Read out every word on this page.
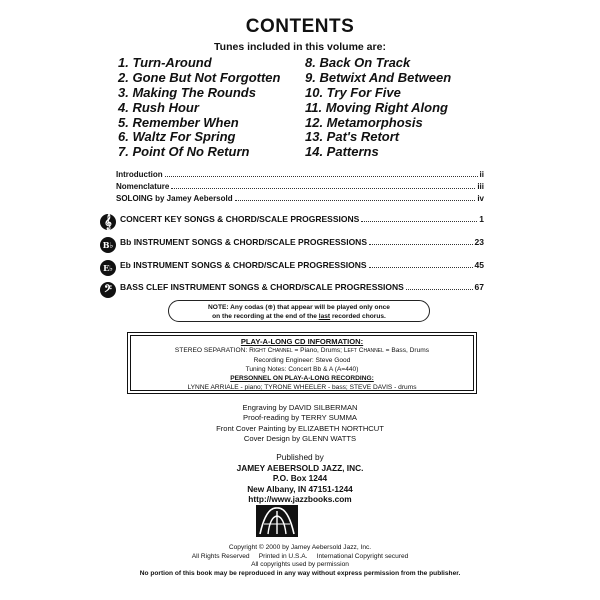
CONTENTS
Tunes included in this volume are:
1. Turn-Around
2. Gone But Not Forgotten
3. Making The Rounds
4. Rush Hour
5. Remember When
6. Waltz For Spring
7. Point Of No Return
8. Back On Track
9. Betwixt And Between
10. Try For Five
11. Moving Right Along
12. Metamorphosis
13. Pat's Retort
14. Patterns
Introduction	ii
Nomenclature	iii
SOLOING by Jamey Aebersold	iv
𝄞 CONCERT KEY SONGS & CHORD/SCALE PROGRESSIONS	1
B♭ Bb INSTRUMENT SONGS & CHORD/SCALE PROGRESSIONS	23
E♭ Eb INSTRUMENT SONGS & CHORD/SCALE PROGRESSIONS	45
𝄢 BASS CLEF INSTRUMENT SONGS & CHORD/SCALE PROGRESSIONS	67
NOTE: Any codas (⊕) that appear will be played only once
on the recording at the end of the last recorded chorus.
PLAY-A-LONG CD INFORMATION:
STEREO SEPARATION: Right Channel = Piano, Drums; Left Channel = Bass, Drums
Recording Engineer: Steve Good
Tuning Notes: Concert Bb & A (A=440)
PERSONNEL ON PLAY-A-LONG RECORDING:
LYNNE ARRIALE - piano; TYRONE WHEELER - bass; STEVE DAVIS - drums
Engraving by DAVID SILBERMAN
Proof-reading by TERRY SUMMA
Front Cover Painting by ELIZABETH NORTHCUT
Cover Design by GLENN WATTS
Published by
JAMEY AEBERSOLD JAZZ, INC.
P.O. Box 1244
New Albany, IN 47151-1244
http://www.jazzbooks.com
Copyright © 2000 by Jamey Aebersold Jazz, Inc.
All Rights Reserved     Printed in U.S.A.     International Copyright secured
All copyrights used by permission
No portion of this book may be reproduced in any way without express permission from the publisher.
